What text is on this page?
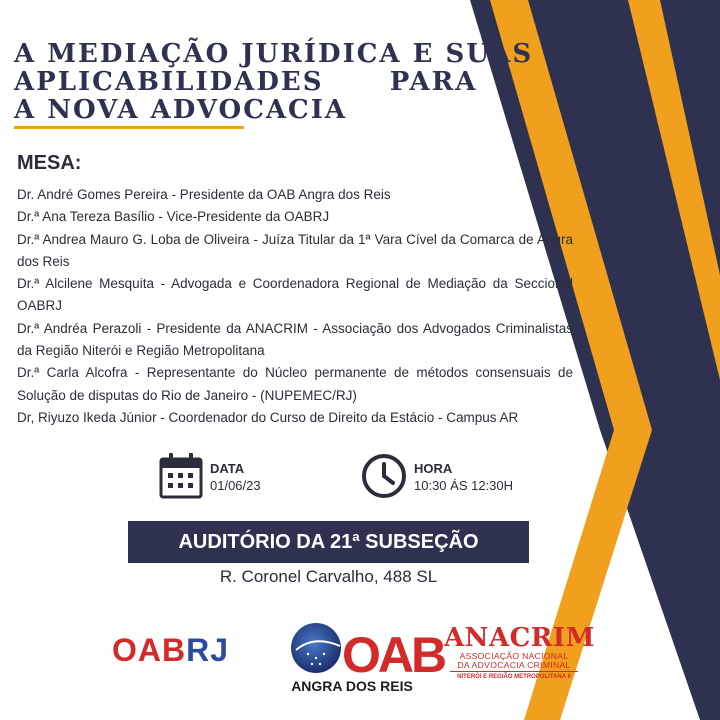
A MEDIAÇÃO JURÍDICA E SUAS
APLICABILIDADES      PARA
A NOVA ADVOCACIA
MESA:
Dr. André Gomes Pereira - Presidente da OAB Angra dos Reis
Dr.ª Ana Tereza Basílio - Vice-Presidente da OABRJ
Dr.ª Andrea Mauro G. Loba de Oliveira - Juíza Titular da 1ª Vara Cível da Comarca de Angra dos Reis
Dr.ª Alcilene Mesquita - Advogada e Coordenadora Regional de Mediação da Seccional OABRJ
Dr.ª Andréa Perazoli - Presidente da ANACRIM - Associação dos Advogados Criminalistas da Região Niterói e Região Metropolitana
Dr.ª Carla Alcofra - Representante do Núcleo permanente de métodos consensuais de Solução de disputas do Rio de Janeiro - (NUPEMEC/RJ)
Dr, Riyuzo Ikeda Júnior - Coordenador do Curso de Direito da Estácio - Campus AR
DATA
01/06/23
HORA
10:30 ÁS 12:30H
AUDITÓRIO DA 21ª SUBSEÇÃO
R. Coronel Carvalho, 488 SL
OABRJ OAB
ANGRA DOS REIS
ANACRIM
ASSOCIAÇÃO NACIONAL
DA ADVOCACIA CRIMINAL
NITERÓI E REGIÃO METROPOLITANA II
